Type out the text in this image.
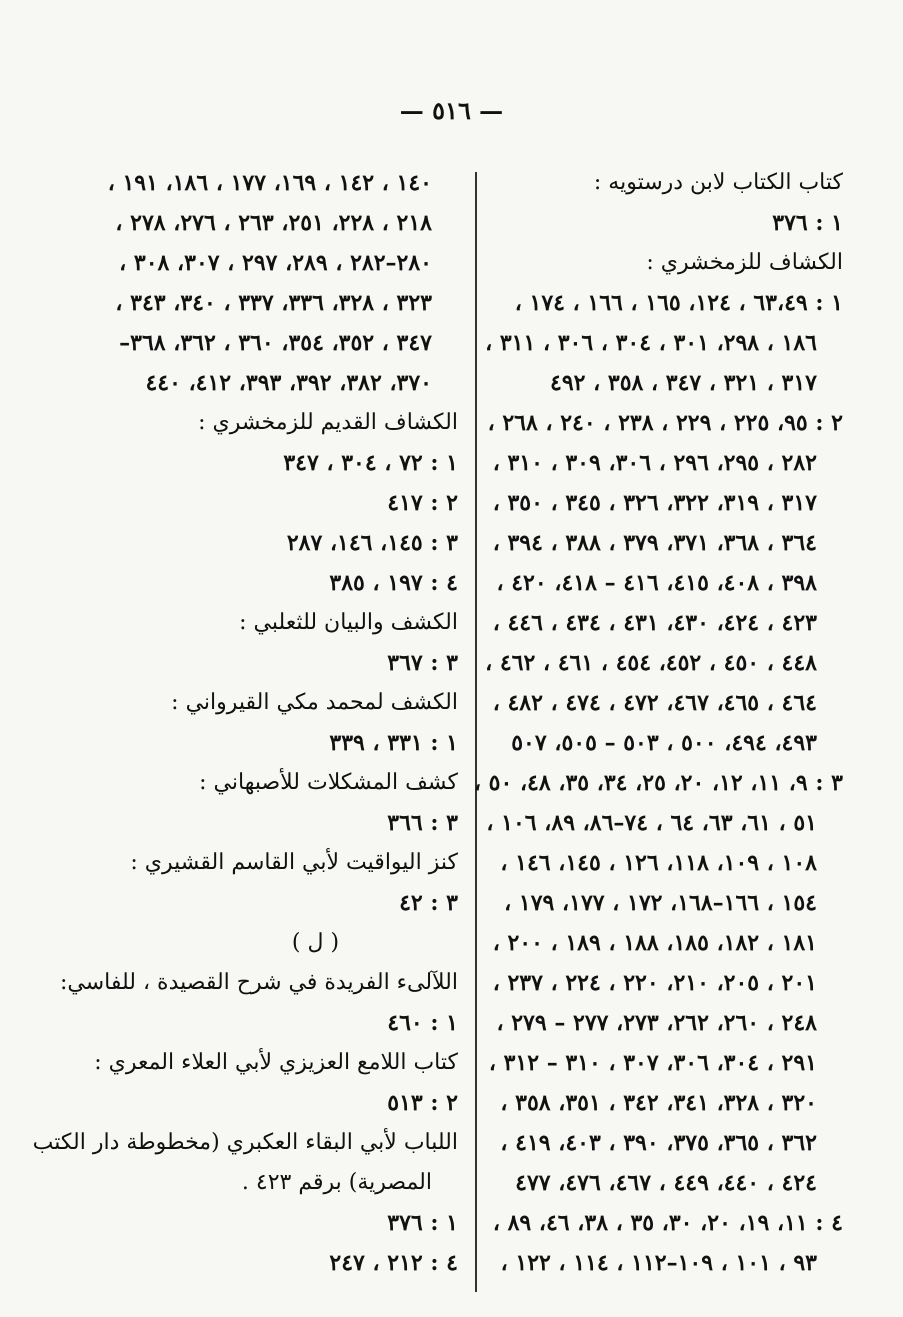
— ٥١٦ —
كتاب الكتاب لابن درستويه :
١ : ٣٧٦
الكشاف للزمخشري :
١ : ٦٣،٤٩ ، ١٢٤، ١٦٥ ، ١٦٦ ، ١٧٤ ،
١٨٦ ، ٢٩٨، ٣٠١ ، ٣٠٤ ، ٣٠٦ ، ٣١١ ،
٣١٧ ، ٣٢١ ، ٣٤٧ ، ٣٥٨ ، ٤٩٢
٢ : ٩٥، ٢٢٥ ، ٢٢٩ ، ٢٣٨ ، ٢٤٠ ، ٢٦٨ ،
٢٨٢ ، ٢٩٥، ٢٩٦ ، ٣٠٦، ٣٠٩ ، ٣١٠ ،
٣١٧ ، ٣١٩، ٣٢٢، ٣٢٦ ، ٣٤٥ ، ٣٥٠ ،
٣٦٤ ، ٣٦٨، ٣٧١، ٣٧٩ ، ٣٨٨ ، ٣٩٤ ،
٣٩٨ ، ٤٠٨، ٤١٥، ٤١٦ – ٤١٨، ٤٢٠ ،
٤٢٣ ، ٤٢٤، ٤٣٠، ٤٣١ ، ٤٣٤ ، ٤٤٦ ،
٤٤٨ ، ٤٥٠ ، ٤٥٢، ٤٥٤ ، ٤٦١ ، ٤٦٢ ،
٤٦٤ ، ٤٦٥، ٤٦٧، ٤٧٢ ، ٤٧٤ ، ٤٨٢ ،
٤٩٣، ٤٩٤، ٥٠٠ ، ٥٠٣ – ٥٠٥، ٥٠٧
٣ : ٩، ١١، ١٢، ٢٠، ٢٥، ٣٤، ٣٥، ٤٨، ٥٠ ،
٥١ ، ٦١، ٦٣، ٦٤ ، ٧٤–٨٦، ٨٩، ١٠٦ ،
١٠٨ ، ١٠٩، ١١٨، ١٢٦ ، ١٤٥، ١٤٦ ،
١٥٤ ، ١٦٦–١٦٨، ١٧٢ ، ١٧٧، ١٧٩ ،
١٨١ ، ١٨٢، ١٨٥، ١٨٨ ، ١٨٩ ، ٢٠٠ ،
٢٠١ ، ٢٠٥، ٢١٠، ٢٢٠ ، ٢٢٤ ، ٢٣٧ ،
٢٤٨ ، ٢٦٠، ٢٦٢، ٢٧٣، ٢٧٧ – ٢٧٩ ،
٢٩١ ، ٣٠٤، ٣٠٦، ٣٠٧ ، ٣١٠ – ٣١٢ ،
٣٢٠ ، ٣٢٨، ٣٤١، ٣٤٢ ، ٣٥١، ٣٥٨ ،
٣٦٢ ، ٣٦٥، ٣٧٥، ٣٩٠ ، ٤٠٣، ٤١٩ ،
٤٢٤ ، ٤٤٠، ٤٤٩ ، ٤٦٧، ٤٧٦، ٤٧٧
٤ : ١١، ١٩، ٢٠، ٣٠، ٣٥ ، ٣٨، ٤٦، ٨٩ ،
٩٣ ، ١٠١ ، ١٠٩–١١٢ ، ١١٤ ، ١٢٢ ،
١٤٠ ، ١٤٢ ، ١٦٩، ١٧٧ ، ١٨٦، ١٩١ ،
٢١٨ ، ٢٢٨، ٢٥١، ٢٦٣ ، ٢٧٦، ٢٧٨ ،
٢٨٠–٢٨٢ ، ٢٨٩، ٢٩٧ ، ٣٠٧، ٣٠٨ ،
٣٢٣ ، ٣٢٨، ٣٣٦، ٣٣٧ ، ٣٤٠، ٣٤٣ ،
٣٤٧ ، ٣٥٢، ٣٥٤، ٣٦٠ ، ٣٦٢، ٣٦٨–
٣٧٠، ٣٨٢، ٣٩٢، ٣٩٣، ٤١٢، ٤٤٠
الكشاف القديم للزمخشري :
١ : ٧٢ ، ٣٠٤ ، ٣٤٧
٢ : ٤١٧
٣ : ١٤٥، ١٤٦، ٢٨٧
٤ : ١٩٧ ، ٣٨٥
الكشف والبيان للثعلبي :
٣ : ٣٦٧
الكشف لمحمد مكي القيرواني :
١ : ٣٣١ ، ٣٣٩
كشف المشكلات للأصبهاني :
٣ : ٣٦٦
كنز اليواقيت لأبي القاسم القشيري :
٣ : ٤٢
( ل )
اللآلىء الفريدة في شرح القصيدة ، للفاسي:
١ : ٤٦٠
كتاب اللامع العزيزي لأبي العلاء المعري :
٢ : ٥١٣
اللباب لأبي البقاء العكبري (مخطوطة دار الكتب
المصرية) برقم ٤٢٣ .
١ : ٣٧٦
٤ : ٢١٢ ، ٢٤٧
